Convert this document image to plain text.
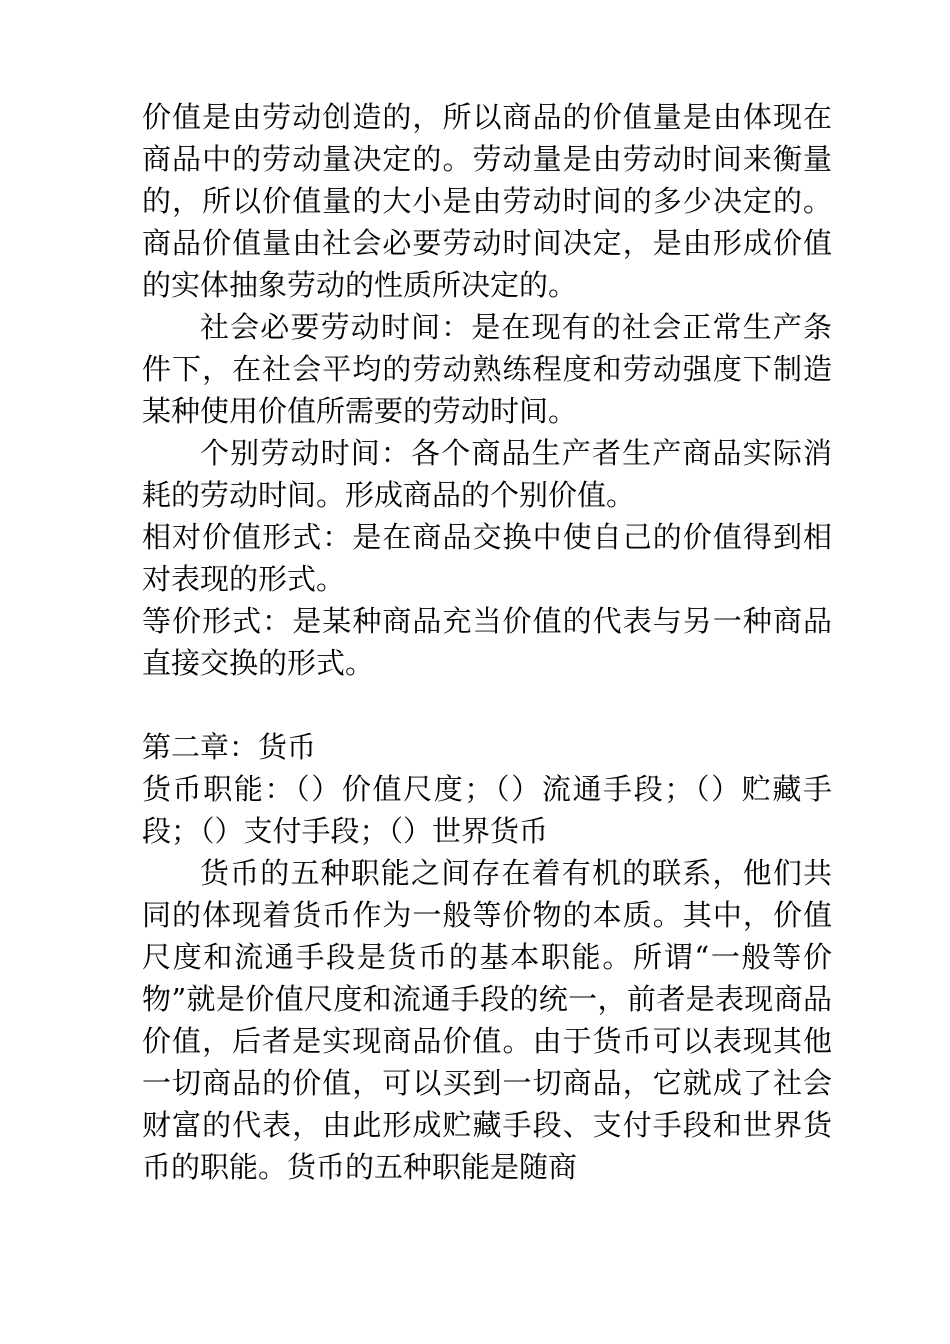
价值是由劳动创造的，所以商品的价值量是由体现在商品中的劳动量决定的。劳动量是由劳动时间来衡量的，所以价值量的大小是由劳动时间的多少决定的。商品价值量由社会必要劳动时间决定，是由形成价值的实体抽象劳动的性质所决定的。

社会必要劳动时间：是在现有的社会正常生产条件下，在社会平均的劳动熟练程度和劳动强度下制造某种使用价值所需要的劳动时间。

个别劳动时间：各个商品生产者生产商品实际消耗的劳动时间。形成商品的个别价值。

相对价值形式：是在商品交换中使自己的价值得到相对表现的形式。

等价形式：是某种商品充当价值的代表与另一种商品直接交换的形式。

第二章：货币

货币职能：（）价值尺度；（）流通手段；（）贮藏手段；（）支付手段；（）世界货币

货币的五种职能之间存在着有机的联系，他们共同的体现着货币作为一般等价物的本质。其中，价值尺度和流通手段是货币的基本职能。所谓“一般等价物”就是价值尺度和流通手段的统一，前者是表现商品价值，后者是实现商品价值。由于货币可以表现其他一切商品的价值，可以买到一切商品，它就成了社会财富的代表，由此形成贮藏手段、支付手段和世界货币的职能。货币的五种职能是随商
